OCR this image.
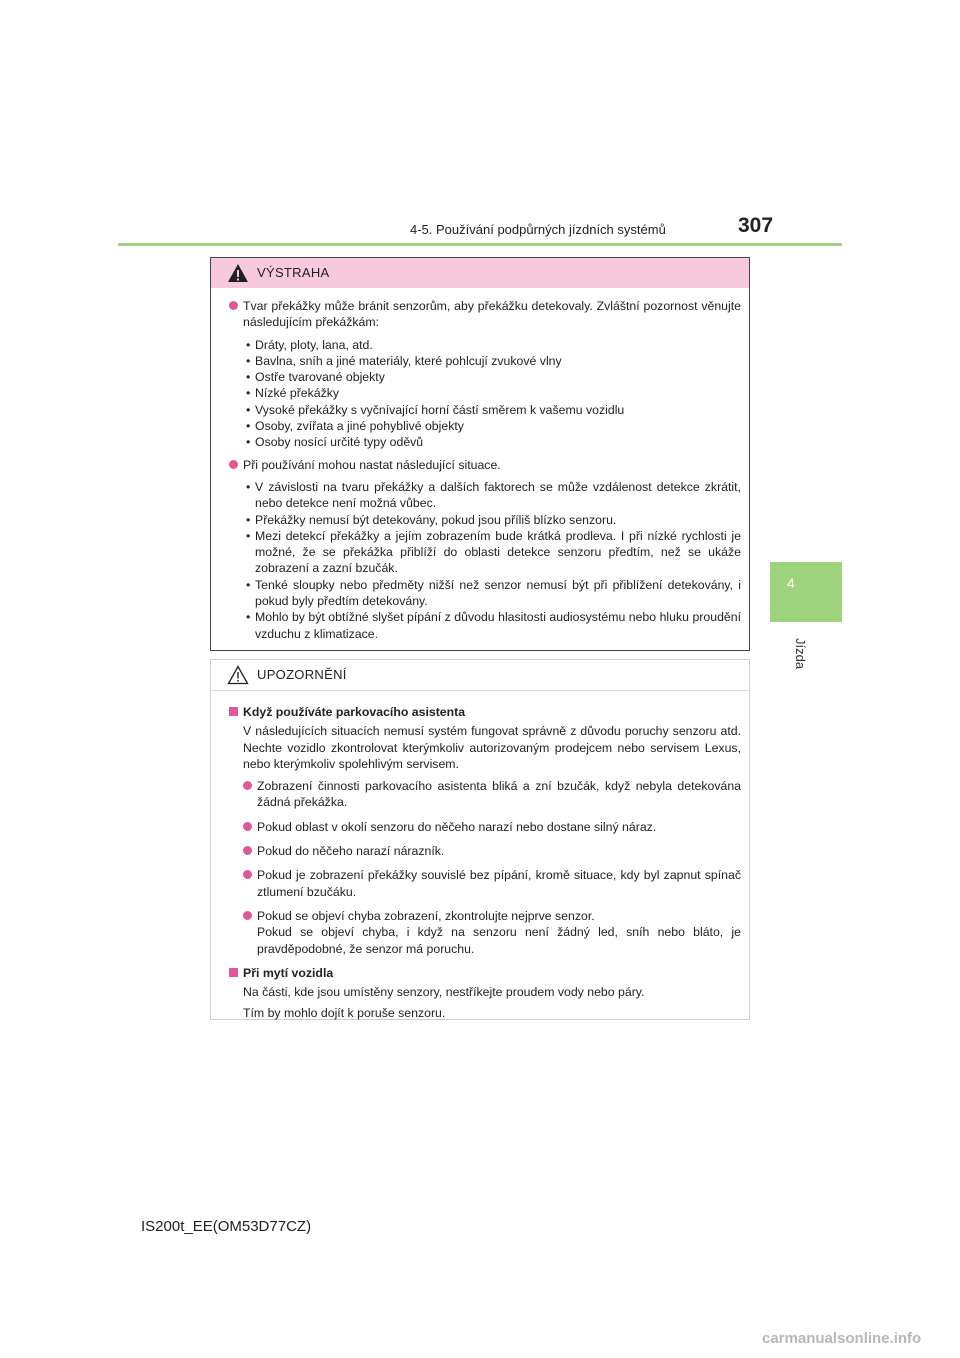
4-5. Používání podpůrných jízdních systémů	307
4
Jízda
VÝSTRAHA
Tvar překážky může bránit senzorům, aby překážku detekovaly. Zvláštní pozornost věnujte následujícím překážkám:
• Dráty, ploty, lana, atd.
• Bavlna, sníh a jiné materiály, které pohlcují zvukové vlny
• Ostře tvarované objekty
• Nízké překážky
• Vysoké překážky s vyčnívající horní částí směrem k vašemu vozidlu
• Osoby, zvířata a jiné pohyblivé objekty
• Osoby nosící určité typy oděvů
Při používání mohou nastat následující situace.
• V závislosti na tvaru překážky a dalších faktorech se může vzdálenost detekce zkrátit, nebo detekce není možná vůbec.
• Překážky nemusí být detekovány, pokud jsou příliš blízko senzoru.
• Mezi detekcí překážky a jejím zobrazením bude krátká prodleva. I při nízké rychlosti je možné, že se překážka přiblíží do oblasti detekce senzoru předtím, než se ukáže zobrazení a zazní bzučák.
• Tenké sloupky nebo předměty nižší než senzor nemusí být při přiblížení detekovány, i pokud byly předtím detekovány.
• Mohlo by být obtížné slyšet pípání z důvodu hlasitosti audiosystému nebo hluku proudění vzduchu z klimatizace.
UPOZORNĚNÍ
Když používáte parkovacího asistenta

V následujících situacích nemusí systém fungovat správně z důvodu poruchy senzoru atd. Nechte vozidlo zkontrolovat kterýmkoliv autorizovaným prodejcem nebo servisem Lexus, nebo kterýmkoliv spolehlivým servisem.

Zobrazení činnosti parkovacího asistenta bliká a zní bzučák, když nebyla detekována žádná překážka.
Pokud oblast v okolí senzoru do něčeho narazí nebo dostane silný náraz.
Pokud do něčeho narazí nárazník.
Pokud je zobrazení překážky souvislé bez pípání, kromě situace, kdy byl zapnut spínač ztlumení bzučáku.
Pokud se objeví chyba zobrazení, zkontrolujte nejprve senzor.
Pokud se objeví chyba, i když na senzoru není žádný led, sníh nebo bláto, je pravděpodobné, že senzor má poruchu.
Při mytí vozidla

Na části, kde jsou umístěny senzory, nestříkejte proudem vody nebo páry.

Tím by mohlo dojít k poruše senzoru.

IS200t_EE(OM53D77CZ)
carmanualsonline.info
